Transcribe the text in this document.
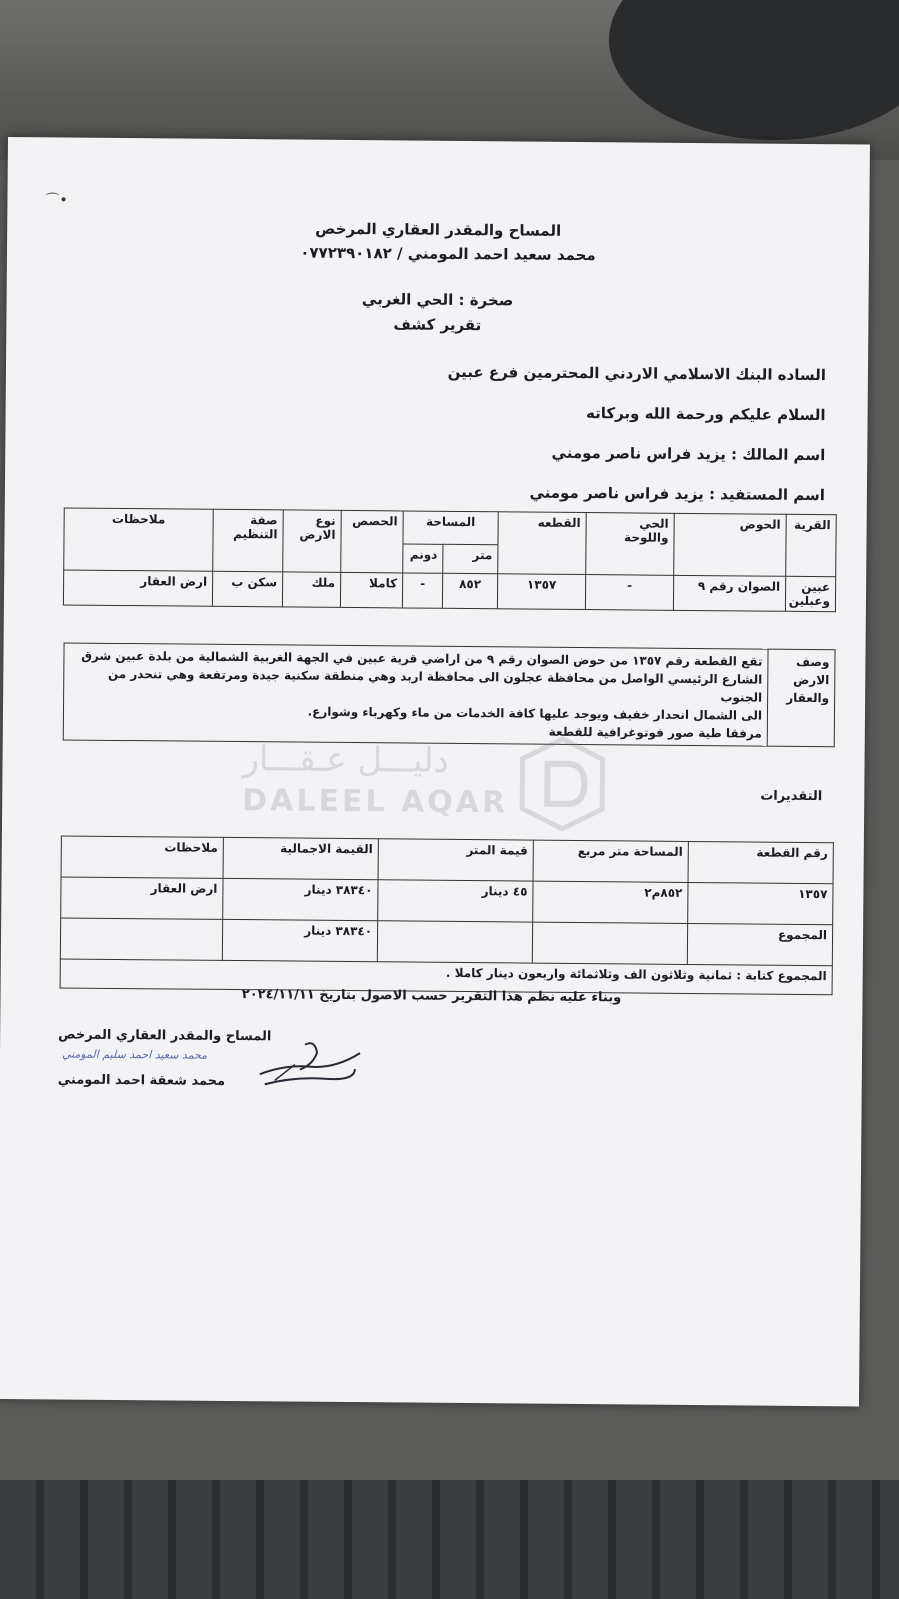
⌒•
المساح والمقدر العقاري المرخص
محمد سعيد احمد المومني / ٠٧٧٢٣٩٠١٨٢
صخرة : الحي الغربي
تقرير كشف
الساده البنك الاسلامي الاردني المحترمين فرع عبين
السلام عليكم ورحمة الله وبركاته
اسم المالك : يزيد فراس ناصر مومني
اسم المستفيد : يزيد فراس ناصر مومني
القرية	الحوض	الحي واللوحة	القطعه	المساحة		الحصص	نوع الارض	صفة التنظيم	ملاحظات
				متر	دونم				
عبين وعبلين	الصوان رقم ٩	-	١٣٥٧	٨٥٢	-	كاملا	ملك	سكن ب	ارض العقار
وصف الارض والعقار	
تقع القطعة رقم ١٣٥٧ من حوض الصوان رقم ٩ من اراضي قرية عبين في الجهة الغربية الشمالية من بلدة عبين شرق
الشارع الرئيسي الواصل من محافظة عجلون الى محافظة اربد وهي منطقة سكنية جيدة ومرتفعة وهي تنحدر من الجنوب
الى الشمال انحدار خفيف ويوجد عليها كافة الخدمات من ماء وكهرباء وشوارع.
مرفقا طية صور فوتوغرافية للقطعة
دليـــل عـقـــار
DALEEL AQAR	التقديرات
رقم القطعة	المساحة متر مربع	قيمة المتر	القيمة الاجمالية	ملاحظات
١٣٥٧	٨٥٢م٢	٤٥ دينار	٣٨٣٤٠ دينار	ارض العقار
المجموع			٣٨٣٤٠ دينار	
المجموع كتابة : ثمانية وثلاثون الف وثلاثمائة واربعون دينار كاملا .				
وبناء عليه نظم هذا التقرير حسب الاصول بتاريخ ٢٠٢٤/١١/١١
المساح والمقدر العقاري المرخص
محمد سعيد احمد سليم المومني
محمد شعقة احمد المومني
